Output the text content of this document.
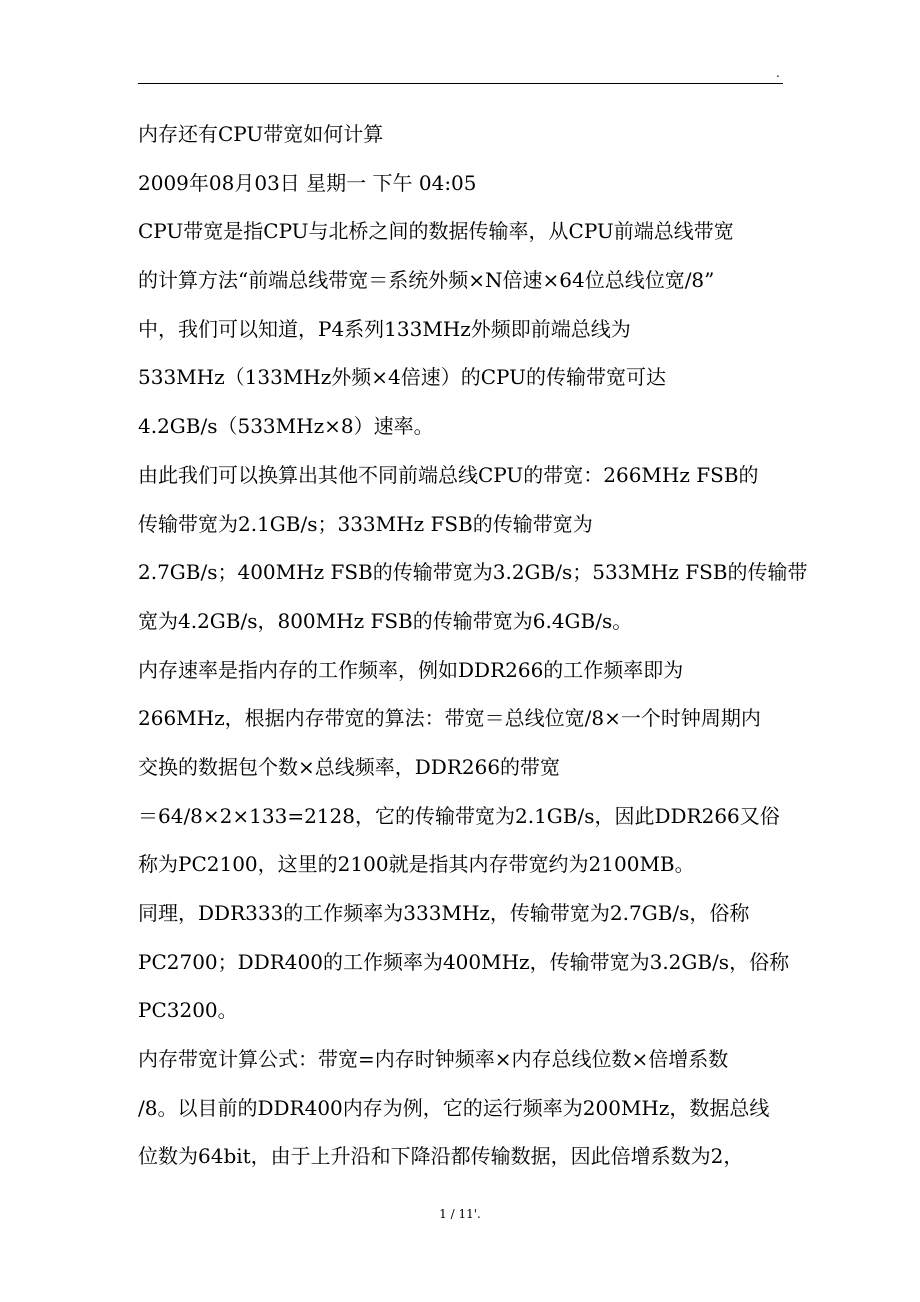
.
内存还有CPU带宽如何计算
2009年08月03日 星期一 下午 04:05
CPU带宽是指CPU与北桥之间的数据传输率，从CPU前端总线带宽
的计算方法“前端总线带宽＝系统外频×N倍速×64位总线位宽/8”
中，我们可以知道，P4系列133MHz外频即前端总线为
533MHz（133MHz外频×4倍速）的CPU的传输带宽可达
4.2GB/s（533MHz×8）速率。
由此我们可以换算出其他不同前端总线CPU的带宽：266MHz FSB的
传输带宽为2.1GB/s；333MHz FSB的传输带宽为
2.7GB/s；400MHz FSB的传输带宽为3.2GB/s；533MHz FSB的传输带
宽为4.2GB/s，800MHz FSB的传输带宽为6.4GB/s。
内存速率是指内存的工作频率，例如DDR266的工作频率即为
266MHz，根据内存带宽的算法：带宽＝总线位宽/8×一个时钟周期内
交换的数据包个数×总线频率，DDR266的带宽
＝64/8×2×133=2128，它的传输带宽为2.1GB/s，因此DDR266又俗
称为PC2100，这里的2100就是指其内存带宽约为2100MB。
同理，DDR333的工作频率为333MHz，传输带宽为2.7GB/s，俗称
PC2700；DDR400的工作频率为400MHz，传输带宽为3.2GB/s，俗称
PC3200。
内存带宽计算公式：带宽=内存时钟频率×内存总线位数×倍增系数
/8。以目前的DDR400内存为例，它的运行频率为200MHz，数据总线
位数为64bit，由于上升沿和下降沿都传输数据，因此倍增系数为2，
1 / 11'.
